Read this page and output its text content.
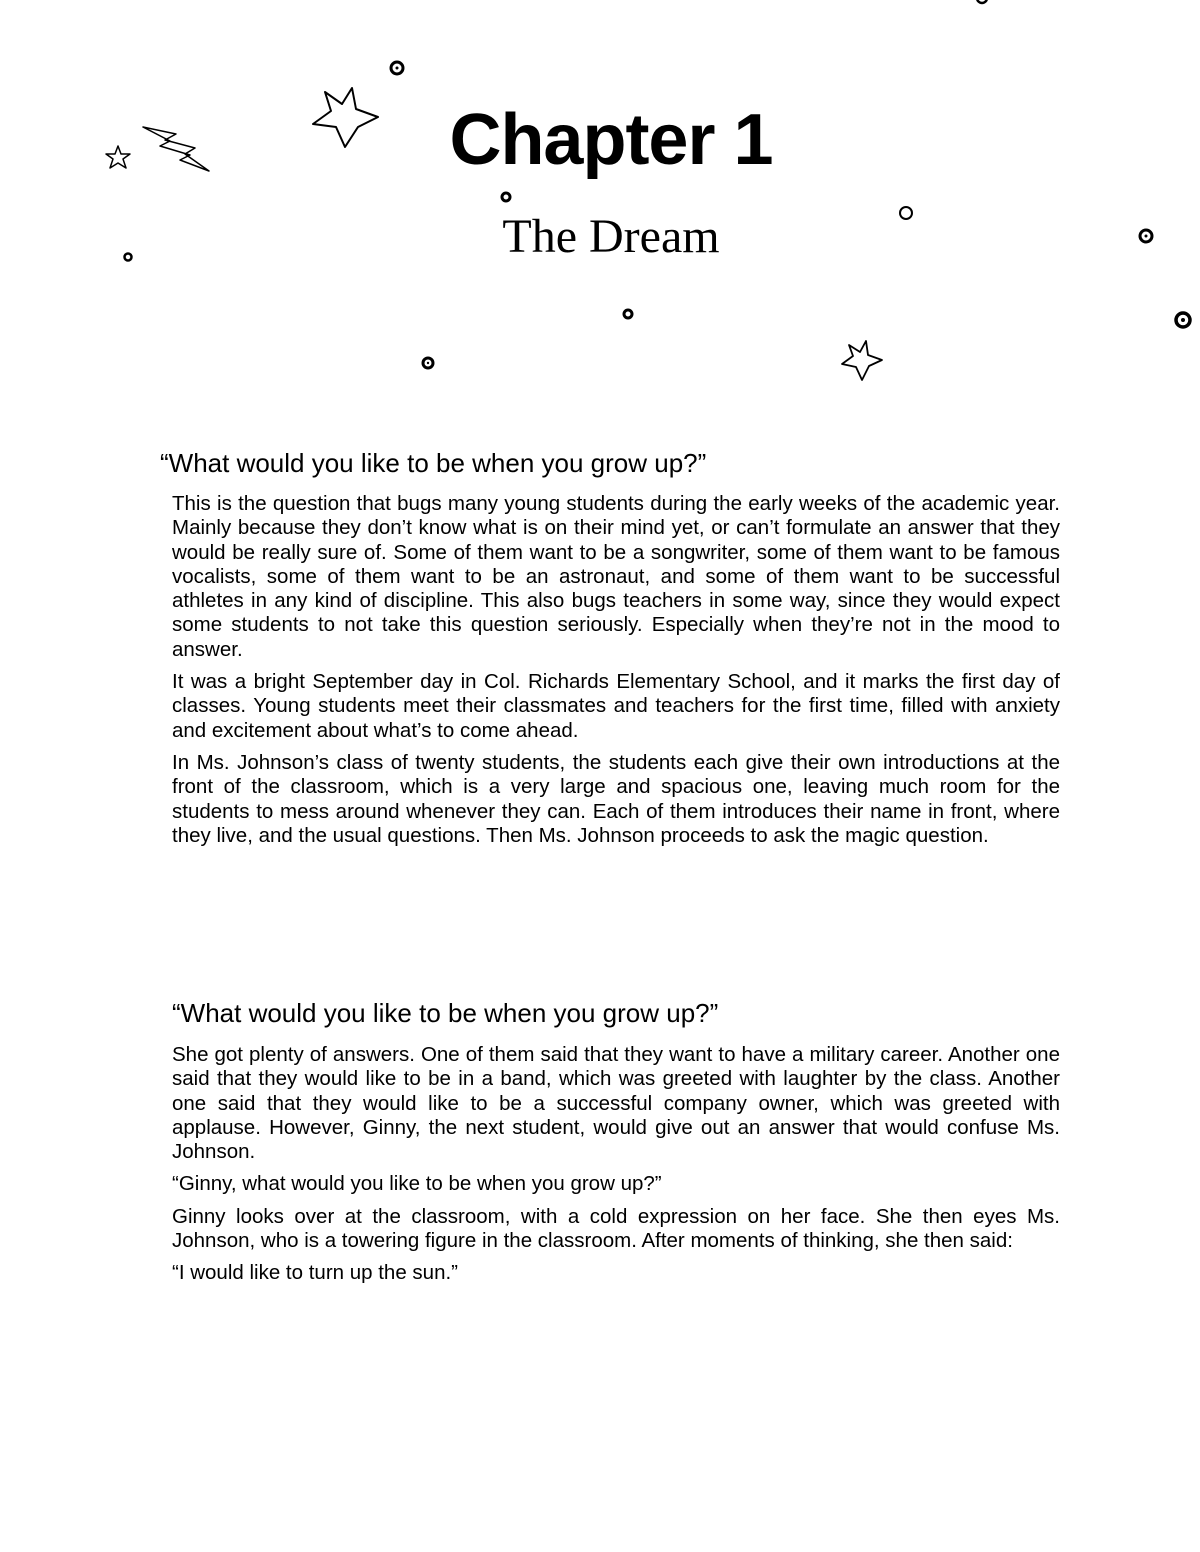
Chapter 1
The Dream

“What would you like to be when you grow up?”

This is the question that bugs many young students during the early weeks of the academic year. Mainly because they don’t know what is on their mind yet, or can’t formulate an answer that they would be really sure of. Some of them want to be a songwriter, some of them want to be famous vocalists, some of them want to be an astronaut, and some of them want to be successful athletes in any kind of discipline. This also bugs teachers in some way, since they would expect some students to not take this question seriously. Especially when they’re not in the mood to answer.

It was a bright September day in Col. Richards Elementary School, and it marks the first day of classes. Young students meet their classmates and teachers for the first time, filled with anxiety and excitement about what’s to come ahead.

In Ms. Johnson’s class of twenty students, the students each give their own introductions at the front of the classroom, which is a very large and spacious one, leaving much room for the students to mess around whenever they can. Each of them introduces their name in front, where they live, and the usual questions. Then Ms. Johnson proceeds to ask the magic question.

“What would you like to be when you grow up?”

She got plenty of answers. One of them said that they want to have a military career. Another one said that they would like to be in a band, which was greeted with laughter by the class. Another one said that they would like to be a successful company owner, which was greeted with applause. However, Ginny, the next student, would give out an answer that would confuse Ms. Johnson.

“Ginny, what would you like to be when you grow up?”

Ginny looks over at the classroom, with a cold expression on her face. She then eyes Ms. Johnson, who is a towering figure in the classroom. After moments of thinking, she then said:

“I would like to turn up the sun.”
